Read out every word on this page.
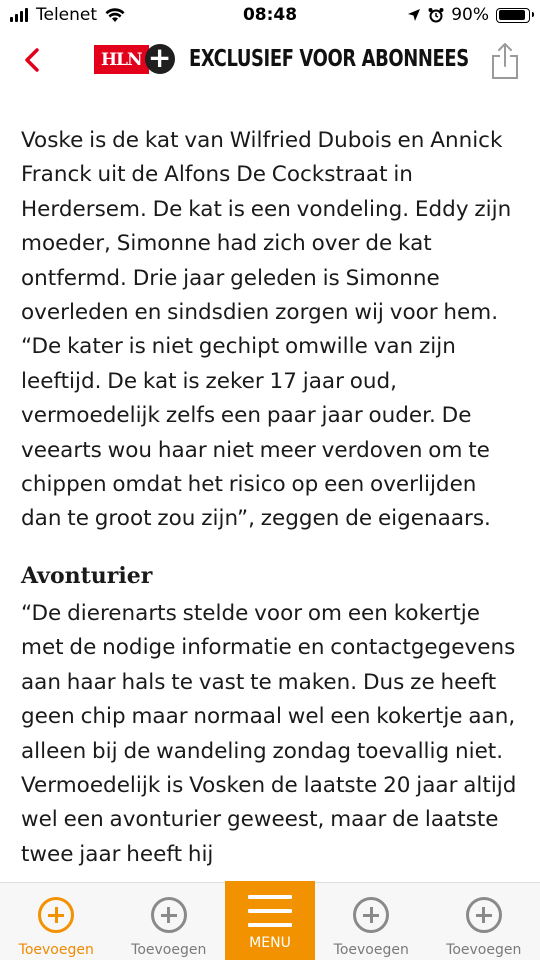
Telenet	08:48	90%
HLN
+	EXCLUSIEF VOOR ABONNEES

Voske is de kat van Wilfried Dubois en Annick Franck uit de Alfons De Cockstraat in Herdersem. De kat is een vondeling. Eddy zijn moeder, Simonne had zich over de kat ontfermd. Drie jaar geleden is Simonne overleden en sindsdien zorgen wij voor hem. “De kater is niet gechipt omwille van zijn leeftijd. De kat is zeker 17 jaar oud, vermoedelijk zelfs een paar jaar ouder. De veearts wou haar niet meer verdoven om te chippen omdat het risico op een overlijden dan te groot zou zijn”, zeggen de eigenaars.

Avonturier

“De dierenarts stelde voor om een kokertje met de nodige informatie en contactgegevens aan haar hals te vast te maken. Dus ze heeft geen chip maar normaal wel een kokertje aan, alleen bij de wandeling zondag toevallig niet. Vermoedelijk is Vosken de laatste 20 jaar altijd wel een avonturier geweest, maar de laatste twee jaar heeft hij

Toevoegen	Toevoegen	MENU	Toevoegen	Toevoegen
